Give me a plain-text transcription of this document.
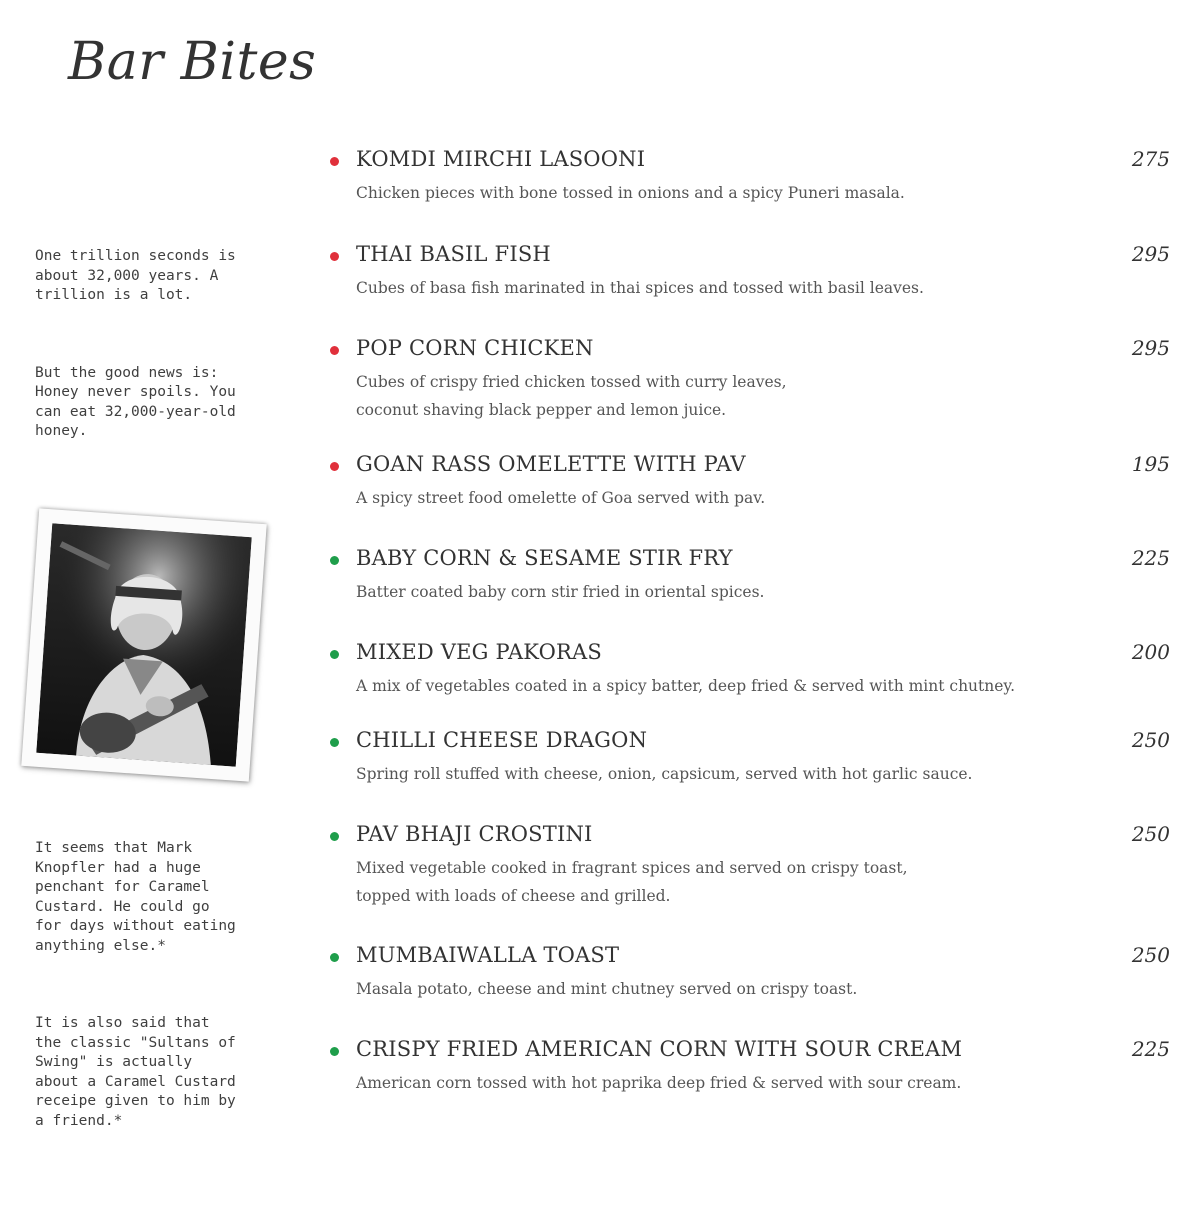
Bar Bites

One trillion seconds is
about 32,000 years. A
trillion is a lot.

But the good news is:
Honey never spoils. You
can eat 32,000-year-old
honey.

It seems that Mark
Knopfler had a huge
penchant for Caramel
Custard. He could go
for days without eating
anything else.*

It is also said that
the classic "Sultans of
Swing" is actually
about a Caramel Custard
receipe given to him by
a friend.*

KOMDI MIRCHI LASOONI	275
Chicken pieces with bone tossed in onions and a spicy Puneri masala.
THAI BASIL FISH	295
Cubes of basa fish marinated in thai spices and tossed with basil leaves.
POP CORN CHICKEN	295
Cubes of crispy fried chicken tossed with curry leaves,
coconut shaving black pepper and lemon juice.
GOAN RASS OMELETTE WITH PAV	195
A spicy street food omelette of Goa served with pav.
BABY CORN & SESAME STIR FRY	225
Batter coated baby corn stir fried in oriental spices.
MIXED VEG PAKORAS	200
A mix of vegetables coated in a spicy batter, deep fried & served with mint chutney.
CHILLI CHEESE DRAGON	250
Spring roll stuffed with cheese, onion, capsicum, served with hot garlic sauce.
PAV BHAJI CROSTINI	250
Mixed vegetable cooked in fragrant spices and served on crispy toast,
topped with loads of cheese and grilled.
MUMBAIWALLA TOAST	250
Masala potato, cheese and mint chutney served on crispy toast.
CRISPY FRIED AMERICAN CORN WITH SOUR CREAM	225
American corn tossed with hot paprika deep fried & served with sour cream.
